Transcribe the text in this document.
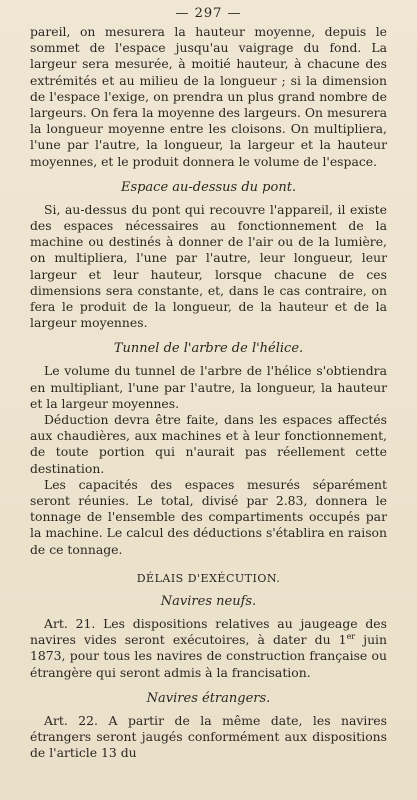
— 297 —

pareil, on mesurera la hauteur moyenne, depuis le sommet de l'espace jusqu'au vaigrage du fond. La largeur sera mesurée, à moitié hauteur, à chacune des extrémités et au milieu de la longueur ; si la dimension de l'espace l'exige, on prendra un plus grand nombre de largeurs. On fera la moyenne des largeurs. On mesurera la longueur moyenne entre les cloisons. On multipliera, l'une par l'autre, la longueur, la largeur et la hauteur moyennes, et le produit donnera le volume de l'espace.

Espace au-dessus du pont.

Si, au-dessus du pont qui recouvre l'appareil, il existe des espaces nécessaires au fonctionnement de la machine ou destinés à donner de l'air ou de la lumière, on multipliera, l'une par l'autre, leur longueur, leur largeur et leur hauteur, lorsque chacune de ces dimensions sera constante, et, dans le cas contraire, on fera le produit de la longueur, de la hauteur et de la largeur moyennes.

Tunnel de l'arbre de l'hélice.

Le volume du tunnel de l'arbre de l'hélice s'obtiendra en multipliant, l'une par l'autre, la longueur, la hauteur et la largeur moyennes.

Déduction devra être faite, dans les espaces affectés aux chaudières, aux machines et à leur fonctionnement, de toute portion qui n'aurait pas réellement cette destination.

Les capacités des espaces mesurés séparément seront réunies. Le total, divisé par 2.83, donnera le tonnage de l'ensemble des compartiments occupés par la machine. Le calcul des déductions s'établira en raison de ce tonnage.

DÉLAIS D'EXÉCUTION.
Navires neufs.

Art. 21. Les dispositions relatives au jaugeage des navires vides seront exécutoires, à dater du 1er juin 1873, pour tous les navires de construction française ou étrangère qui seront admis à la francisation.

Navires étrangers.

Art. 22. A partir de la même date, les navires étrangers seront jaugés conformément aux dispositions de l'article 13 du
